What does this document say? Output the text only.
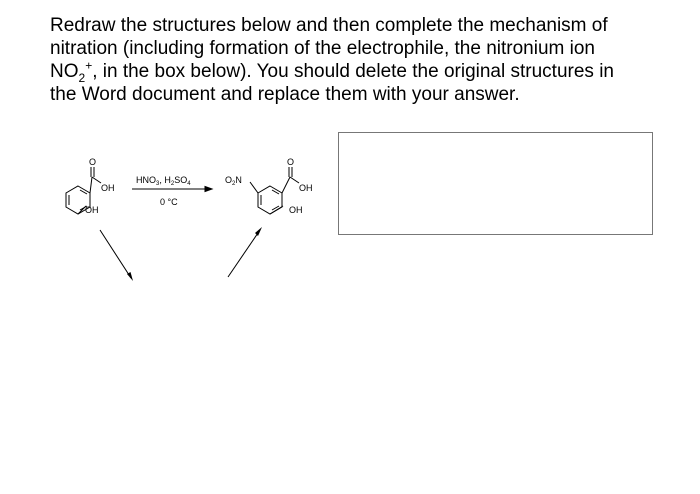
Redraw the structures below and then complete the mechanism of
nitration (including formation of the electrophile, the nitronium ion
$NO_2^+$, in the box below). You should delete the original structures in
the Word document and replace them with your answer.
O
OH
OH
$HNO_3$, $H_2SO_4$
0 °C
$O_2N$
O
OH
OH
